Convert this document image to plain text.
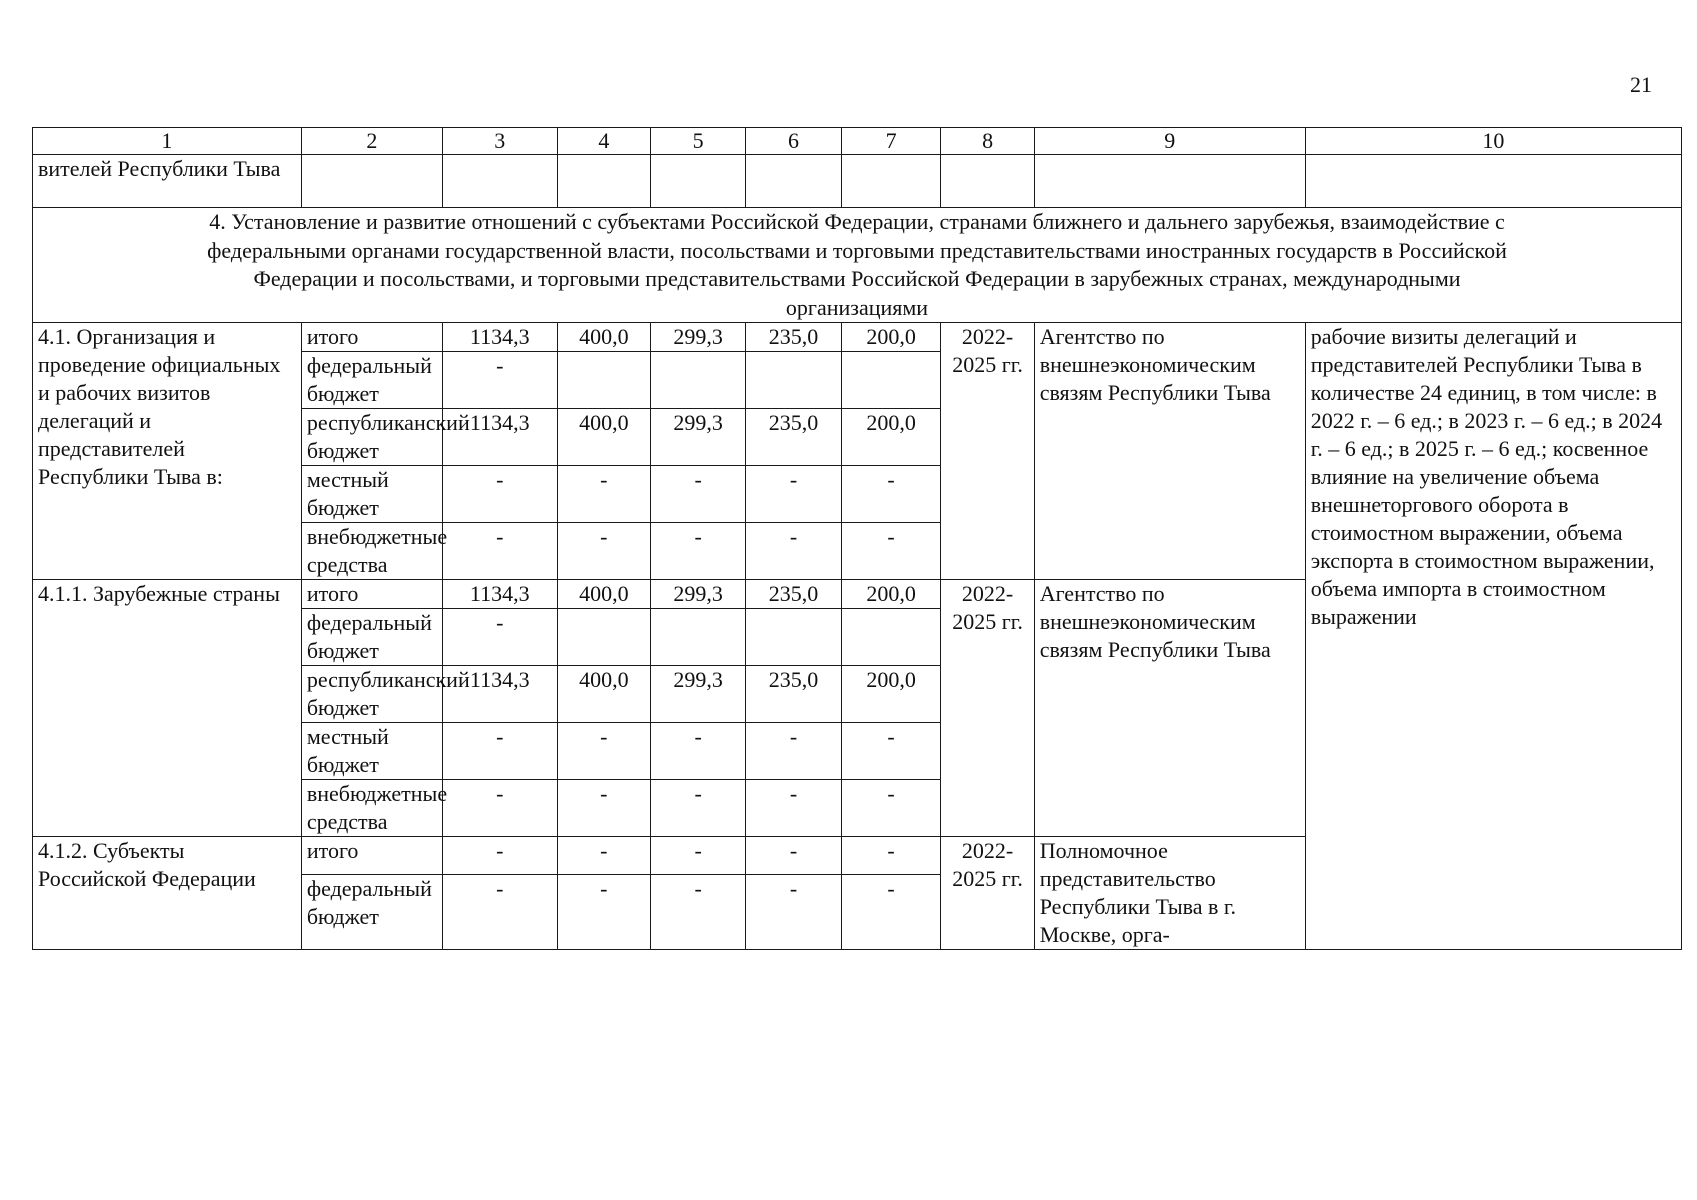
21
1	2	3	4	5	6	7	8	9	10
вителей Республики Тыва									
4. Установление и развитие отношений с субъектами Российской Федерации, странами ближнего и дальнего зарубежья, взаимодействие с федеральными органами государственной власти, посольствами и торговыми представительствами иностранных государств в Российской Федерации и посольствами, и торговыми представительствами Российской Федерации в зарубежных странах, международными организациями									
4.1. Организация и проведение официальных и рабочих визитов делегаций и представителей Республики Тыва в:	итого	1134,3	400,0	299,3	235,0	200,0	2022-2025 гг.	Агентство по внешнеэкономическим связям Республики Тыва	рабочие визиты делегаций и представителей Республики Тыва в количестве 24 единиц, в том числе: в 2022 г. – 6 ед.; в 2023 г. – 6 ед.; в 2024 г. – 6 ед.; в 2025 г. – 6 ед.; косвенное влияние на увеличение объема внешнеторгового оборота в стоимостном выражении, объема экспорта в стоимостном выражении, объема импорта в стоимостном выражении
	федеральный бюджет	-							
	республиканский бюджет	1134,3	400,0	299,3	235,0	200,0			
	местный бюджет	-	-	-	-	-			
	внебюджетные средства	-	-	-	-	-			
4.1.1. Зарубежные страны	итого	1134,3	400,0	299,3	235,0	200,0	2022-2025 гг.	Агентство по внешнеэкономическим связям Республики Тыва	
	федеральный бюджет	-							
	республиканский бюджет	1134,3	400,0	299,3	235,0	200,0			
	местный бюджет	-	-	-	-	-			
	внебюджетные средства	-	-	-	-	-			
4.1.2. Субъекты Российской Федерации	итого	-	-	-	-	-	2022-2025 гг.	Полномочное представительство Республики Тыва в г. Москве, орга-	
	федеральный бюджет	-	-	-	-	-			
